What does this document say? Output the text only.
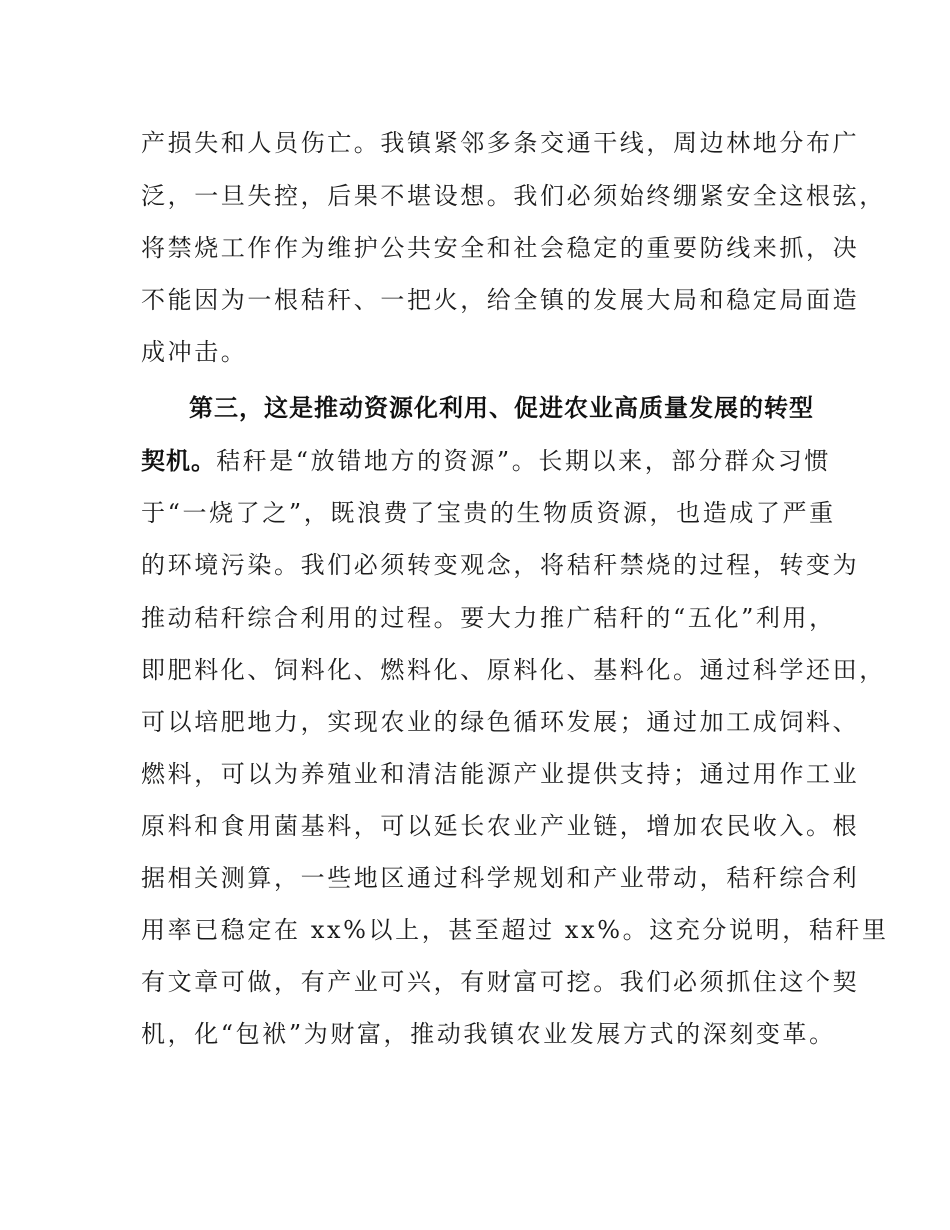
产损失和人员伤亡。我镇紧邻多条交通干线，周边林地分布广
泛，一旦失控，后果不堪设想。我们必须始终绷紧安全这根弦，
将禁烧工作作为维护公共安全和社会稳定的重要防线来抓，决
不能因为一根秸秆、一把火，给全镇的发展大局和稳定局面造
成冲击。
第三，这是推动资源化利用、促进农业高质量发展的转型
契机。秸秆是“放错地方的资源”。长期以来，部分群众习惯
于“一烧了之”，既浪费了宝贵的生物质资源，也造成了严重
的环境污染。我们必须转变观念，将秸秆禁烧的过程，转变为
推动秸秆综合利用的过程。要大力推广秸秆的“五化”利用，
即肥料化、饲料化、燃料化、原料化、基料化。通过科学还田，
可以培肥地力，实现农业的绿色循环发展；通过加工成饲料、
燃料，可以为养殖业和清洁能源产业提供支持；通过用作工业
原料和食用菌基料，可以延长农业产业链，增加农民收入。根
据相关测算，一些地区通过科学规划和产业带动，秸秆综合利
用率已稳定在 xx%以上，甚至超过 xx%。这充分说明，秸秆里
有文章可做，有产业可兴，有财富可挖。我们必须抓住这个契
机，化“包袱”为财富，推动我镇农业发展方式的深刻变革。
